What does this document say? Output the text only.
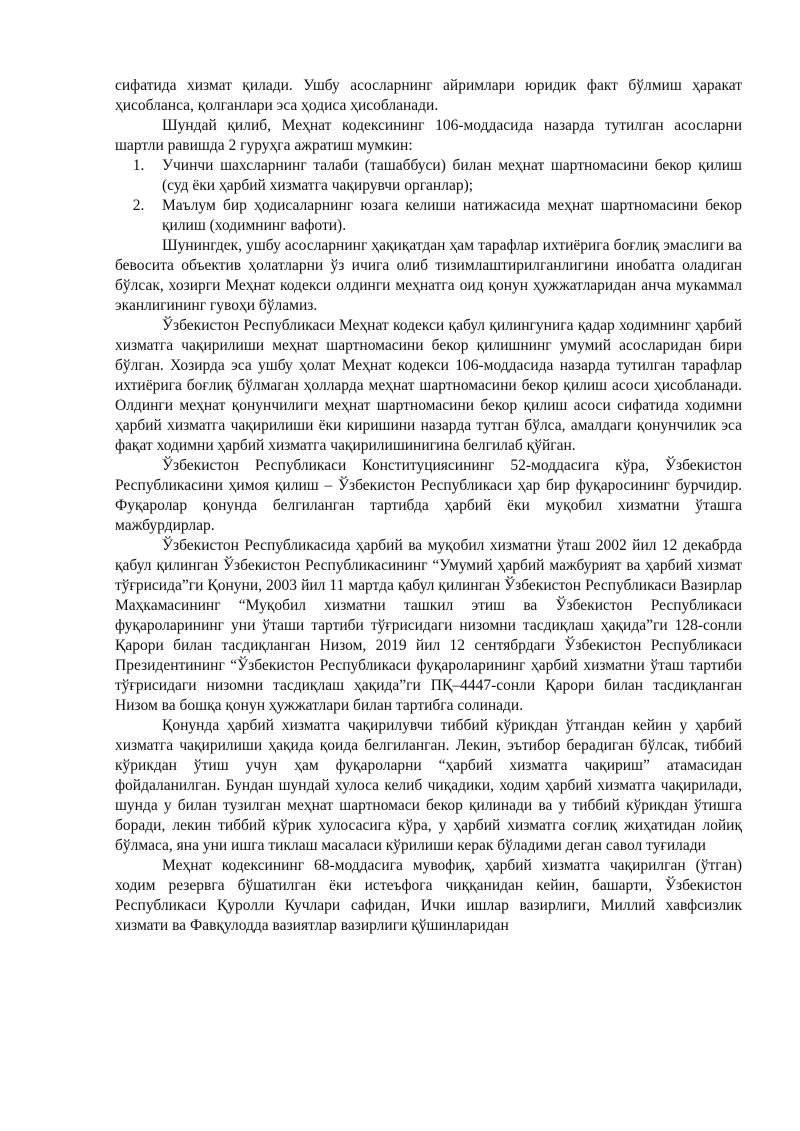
сифатида хизмат қилади. Ушбу асосларнинг айримлари юридик факт бўлмиш ҳаракат ҳисобланса, қолганлари эса ҳодиса ҳисобланади.

Шундай қилиб, Меҳнат кодексининг 106-моддасида назарда тутилган асосларни шартли равишда 2 гуруҳга ажратиш мумкин:

1.	Учинчи шахсларнинг талаби (ташаббуси) билан меҳнат шартномасини бекор қилиш (суд ёки ҳарбий хизматга чақирувчи органлар);
2.	Маълум бир ҳодисаларнинг юзага келиши натижасида меҳнат шартномасини бекор қилиш (ходимнинг вафоти).

Шунингдек, ушбу асосларнинг ҳақиқатдан ҳам тарафлар ихтиёрига боғлиқ эмаслиги ва бевосита объектив ҳолатларни ўз ичига олиб тизимлаштирилганлигини инобатга оладиган бўлсак, хозирги Меҳнат кодекси олдинги меҳнатга оид қонун ҳужжатларидан анча мукаммал эканлигининг гувоҳи бўламиз.

Ўзбекистон Республикаси Меҳнат кодекси қабул қилингунига қадар ходимнинг ҳарбий хизматга чақирилиши меҳнат шартномасини бекор қилишнинг умумий асосларидан бири бўлган. Хозирда эса ушбу ҳолат Меҳнат кодекси 106-моддасида назарда тутилган тарафлар ихтиёрига боғлиқ бўлмаган ҳолларда меҳнат шартномасини бекор қилиш асоси ҳисобланади. Олдинги меҳнат қонунчилиги меҳнат шартномасини бекор қилиш асоси сифатида ходимни ҳарбий хизматга чақирилиши ёки киришини назарда тутган бўлса, амалдаги қонунчилик эса фақат ходимни ҳарбий хизматга чақирилишинигина белгилаб қўйган.

Ўзбекистон Республикаси Конституциясининг 52-моддасига кўра, Ўзбекистон Республикасини ҳимоя қилиш – Ўзбекистон Республикаси ҳар бир фуқаросининг бурчидир. Фуқаролар қонунда белгиланган тартибда ҳарбий ёки муқобил хизматни ўташга мажбурдирлар.

Ўзбекистон Республикасида ҳарбий ва муқобил хизматни ўташ 2002 йил 12 декабрда қабул қилинган Ўзбекистон Республикасининг “Умумий ҳарбий мажбурият ва ҳарбий хизмат тўғрисида”ги Қонуни, 2003 йил 11 мартда қабул қилинган Ўзбекистон Республикаси Вазирлар Маҳкамасининг “Муқобил хизматни ташкил этиш ва Ўзбекистон Республикаси фуқароларининг уни ўташи тартиби тўғрисидаги низомни тасдиқлаш ҳақида”ги 128-сонли Қарори билан тасдиқланган Низом, 2019 йил 12 сентябрдаги Ўзбекистон Республикаси Президентининг “Ўзбекистон Республикаси фуқароларининг ҳарбий хизматни ўташ тартиби тўғрисидаги низомни тасдиқлаш ҳақида”ги ПҚ–4447-сонли Қарори билан тасдиқланган Низом ва бошқа қонун ҳужжатлари билан тартибга солинади.

Қонунда ҳарбий хизматга чақирилувчи тиббий кўрикдан ўтгандан кейин у ҳарбий хизматга чақирилиши ҳақида қоида белгиланган. Лекин, эътибор берадиган бўлсак, тиббий кўрикдан ўтиш учун ҳам фуқароларни “ҳарбий хизматга чақириш” атамасидан фойдаланилган. Бундан шундай хулоса келиб чиқадики, ходим ҳарбий хизматга чақирилади, шунда у билан тузилган меҳнат шартномаси бекор қилинади ва у тиббий кўрикдан ўтишга боради, лекин тиббий кўрик хулосасига кўра, у ҳарбий хизматга соғлиқ жиҳатидан лойиқ бўлмаса, яна уни ишга тиклаш масаласи кўрилиши керак бўладими деган савол туғилади

Меҳнат кодексининг 68-моддасига мувофиқ, ҳарбий хизматга чақирилган (ўтган) ходим резервга бўшатилган ёки истеъфога чиққанидан кейин, башарти, Ўзбекистон Республикаси Қуролли Кучлари сафидан, Ички ишлар вазирлиги, Миллий хавфсизлик хизмати ва Фавқулодда вазиятлар вазирлиги қўшинларидан
